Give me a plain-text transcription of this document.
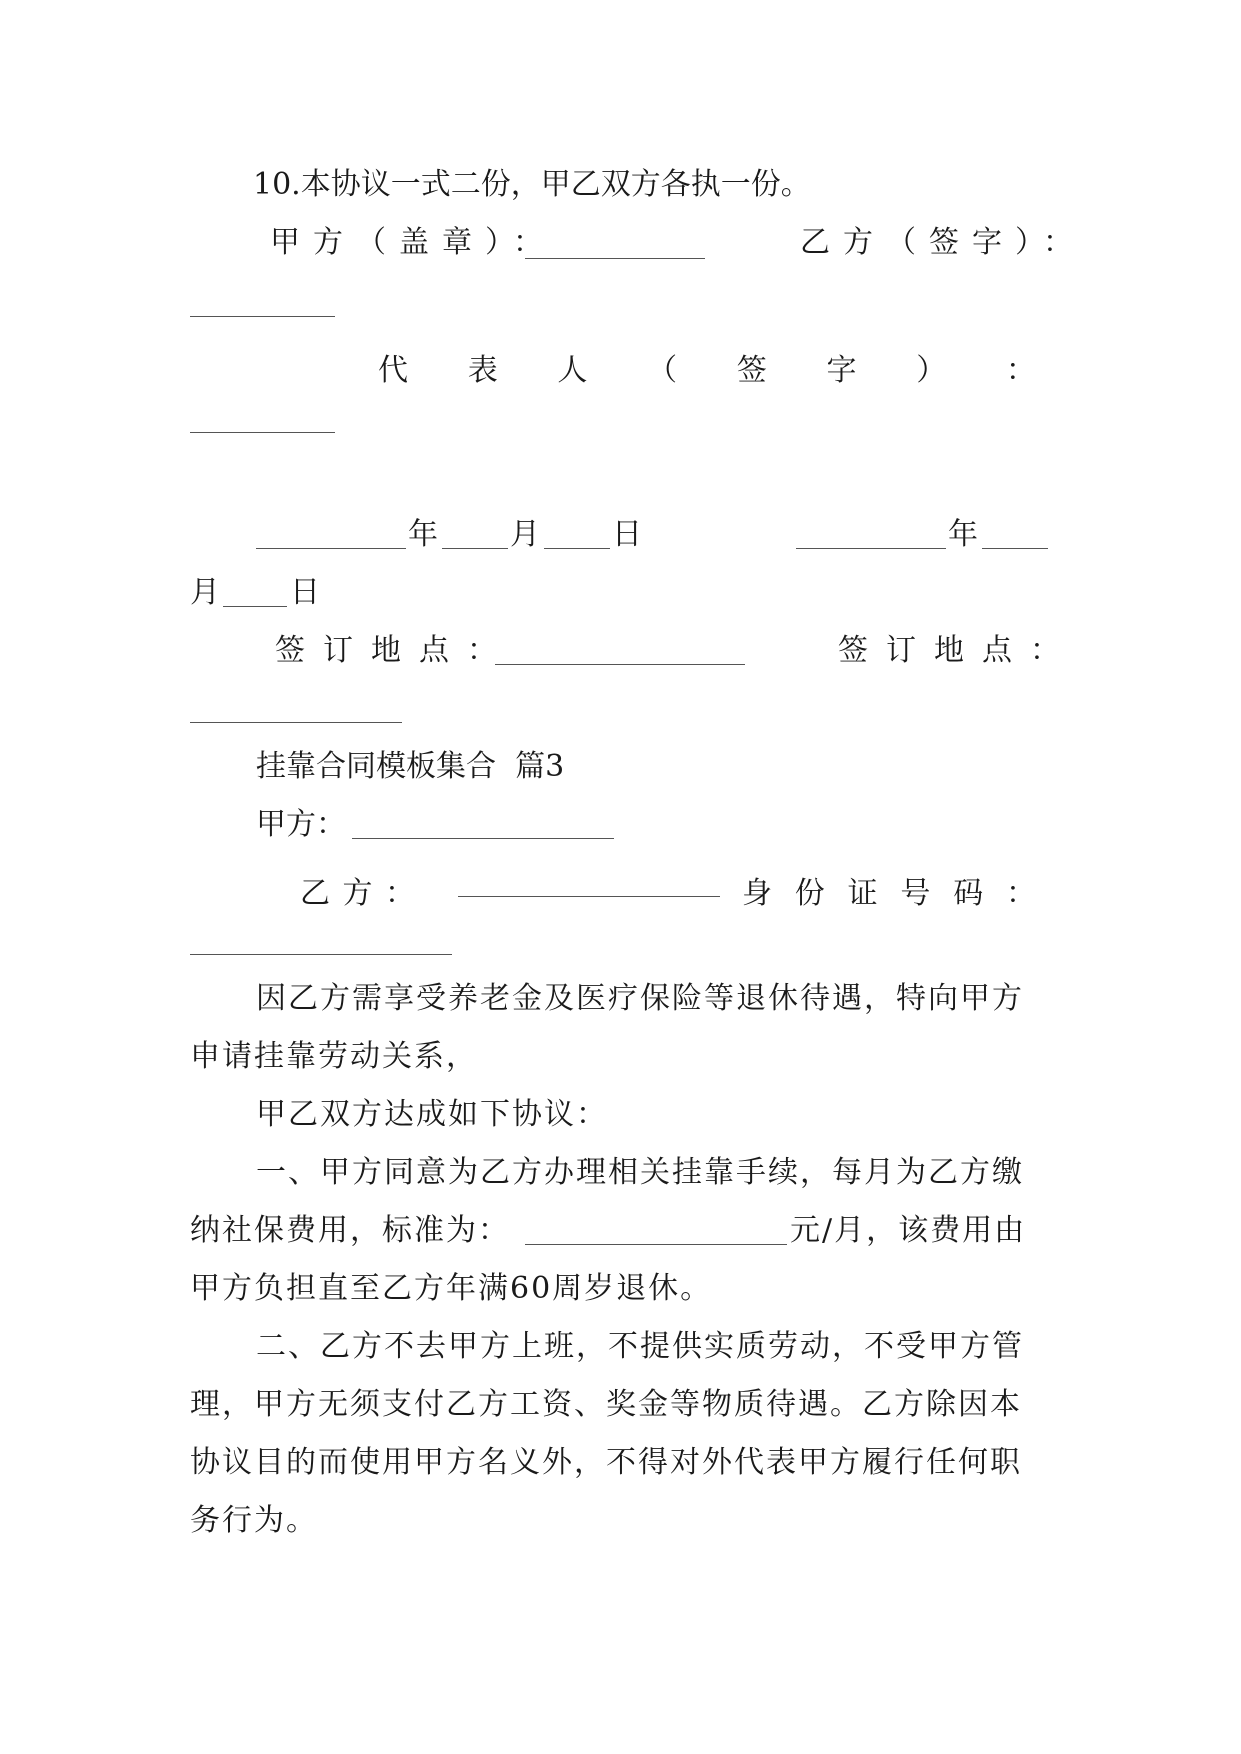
10.本协议一式二份，甲乙双方各执一份。
甲方（盖章）：	乙方（签字）：
代 表 人 （ 签 字 ） ：
年 月 日	年
月 日
签订地点：	签订地点：
挂靠合同模板集合  篇3
甲方：
乙 方 ：	身 份 证 号 码 ：
因乙方需享受养老金及医疗保险等退休待遇，特向甲方
申请挂靠劳动关系，
甲乙双方达成如下协议：
一、甲方同意为乙方办理相关挂靠手续，每月为乙方缴
纳社保费用，标准为：	元/月，该费用由
甲方负担直至乙方年满60周岁退休。
二、乙方不去甲方上班，不提供实质劳动，不受甲方管
理，甲方无须支付乙方工资、奖金等物质待遇。乙方除因本
协议目的而使用甲方名义外，不得对外代表甲方履行任何职
务行为。
